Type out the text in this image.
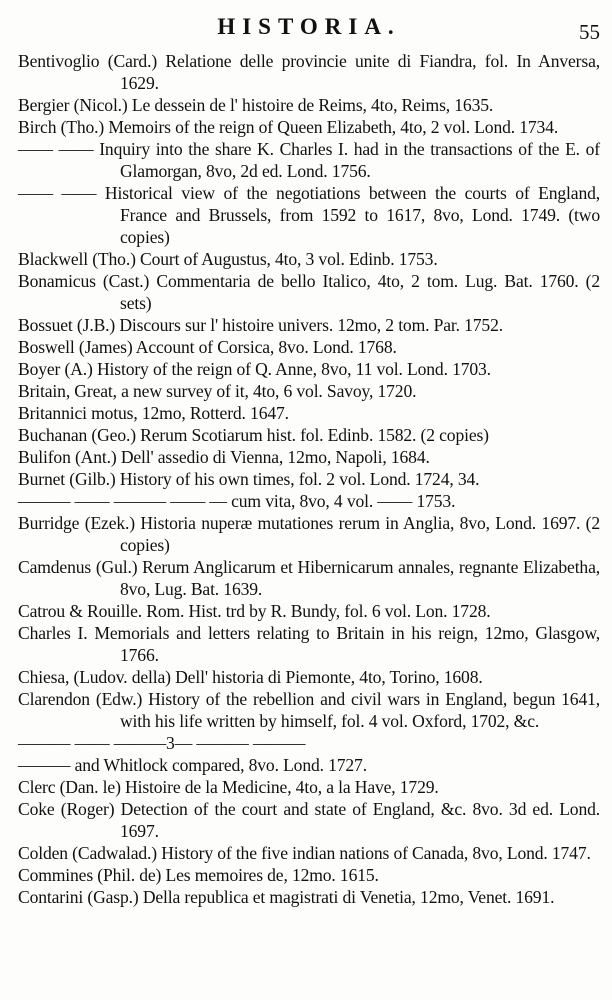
HISTORIA.	55
Bentivoglio (Card.) Relatione delle provincie unite di Fiandra, fol. In Anversa, 1629.
Bergier (Nicol.) Le dessein de l' histoire de Reims, 4to, Reims, 1635.
Birch (Tho.) Memoirs of the reign of Queen Elizabeth, 4to, 2 vol. Lond. 1734.
—— —— Inquiry into the share K. Charles I. had in the transactions of the E. of Glamorgan, 8vo, 2d ed. Lond. 1756.
—— —— Historical view of the negotiations between the courts of England, France and Brussels, from 1592 to 1617, 8vo, Lond. 1749. (two copies)
Blackwell (Tho.) Court of Augustus, 4to, 3 vol. Edinb. 1753.
Bonamicus (Cast.) Commentaria de bello Italico, 4to, 2 tom. Lug. Bat. 1760. (2 sets)
Bossuet (J.B.) Discours sur l' histoire univers. 12mo, 2 tom. Par. 1752.
Boswell (James) Account of Corsica, 8vo. Lond. 1768.
Boyer (A.) History of the reign of Q. Anne, 8vo, 11 vol. Lond. 1703.
Britain, Great, a new survey of it, 4to, 6 vol. Savoy, 1720.
Britannici motus, 12mo, Rotterd. 1647.
Buchanan (Geo.) Rerum Scotiarum hist. fol. Edinb. 1582. (2 copies)
Bulifon (Ant.) Dell' assedio di Vienna, 12mo, Napoli, 1684.
Burnet (Gilb.) History of his own times, fol. 2 vol. Lond. 1724, 34.
——— —— ——— —— — cum vita, 8vo, 4 vol. —— 1753.
Burridge (Ezek.) Historia nuperæ mutationes rerum in Anglia, 8vo, Lond. 1697. (2 copies)
Camdenus (Gul.) Rerum Anglicarum et Hibernicarum annales, regnante Elizabetha, 8vo, Lug. Bat. 1639.
Catrou & Rouille. Rom. Hist. trd by R. Bundy, fol. 6 vol. Lon. 1728.
Charles I. Memorials and letters relating to Britain in his reign, 12mo, Glasgow, 1766.
Chiesa, (Ludov. della) Dell' historia di Piemonte, 4to, Torino, 1608.
Clarendon (Edw.) History of the rebellion and civil wars in England, begun 1641, with his life written by himself, fol. 4 vol. Oxford, 1702, &c.
——— —— ———3— ——— ———
——— and Whitlock compared, 8vo. Lond. 1727.
Clerc (Dan. le) Histoire de la Medicine, 4to, a la Have, 1729.
Coke (Roger) Detection of the court and state of England, &c. 8vo. 3d ed. Lond. 1697.
Colden (Cadwalad.) History of the five indian nations of Canada, 8vo, Lond. 1747.
Commines (Phil. de) Les memoires de, 12mo. 1615.
Contarini (Gasp.) Della republica et magistrati di Venetia, 12mo, Venet. 1691.
